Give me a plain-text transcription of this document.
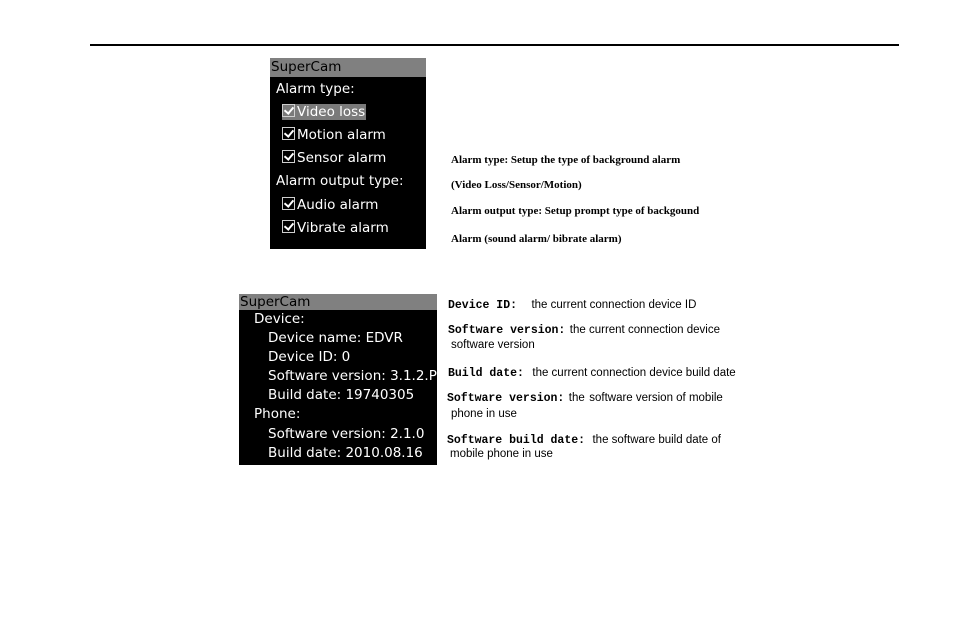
SuperCam
Alarm type:
Video loss
Motion alarm
Sensor alarm
Alarm output type:
Audio alarm
Vibrate alarm
Alarm type: Setup the type of background alarm
(Video Loss/Sensor/Motion)
Alarm output type: Setup prompt type of backgound
Alarm (sound alarm/ bibrate alarm)
SuperCam
Device:
Device name: EDVR
Device ID: 0
Software version: 3.1.2.P
Build date: 19740305
Phone:
Software version: 2.1.0
Build date: 2010.08.16
Device ID: the current connection device ID
Software version: the current connection device
software version
Build date: the current connection device build date
Software version: the software version of mobile
phone in use
Software build date: the software build date of
mobile phone in use
